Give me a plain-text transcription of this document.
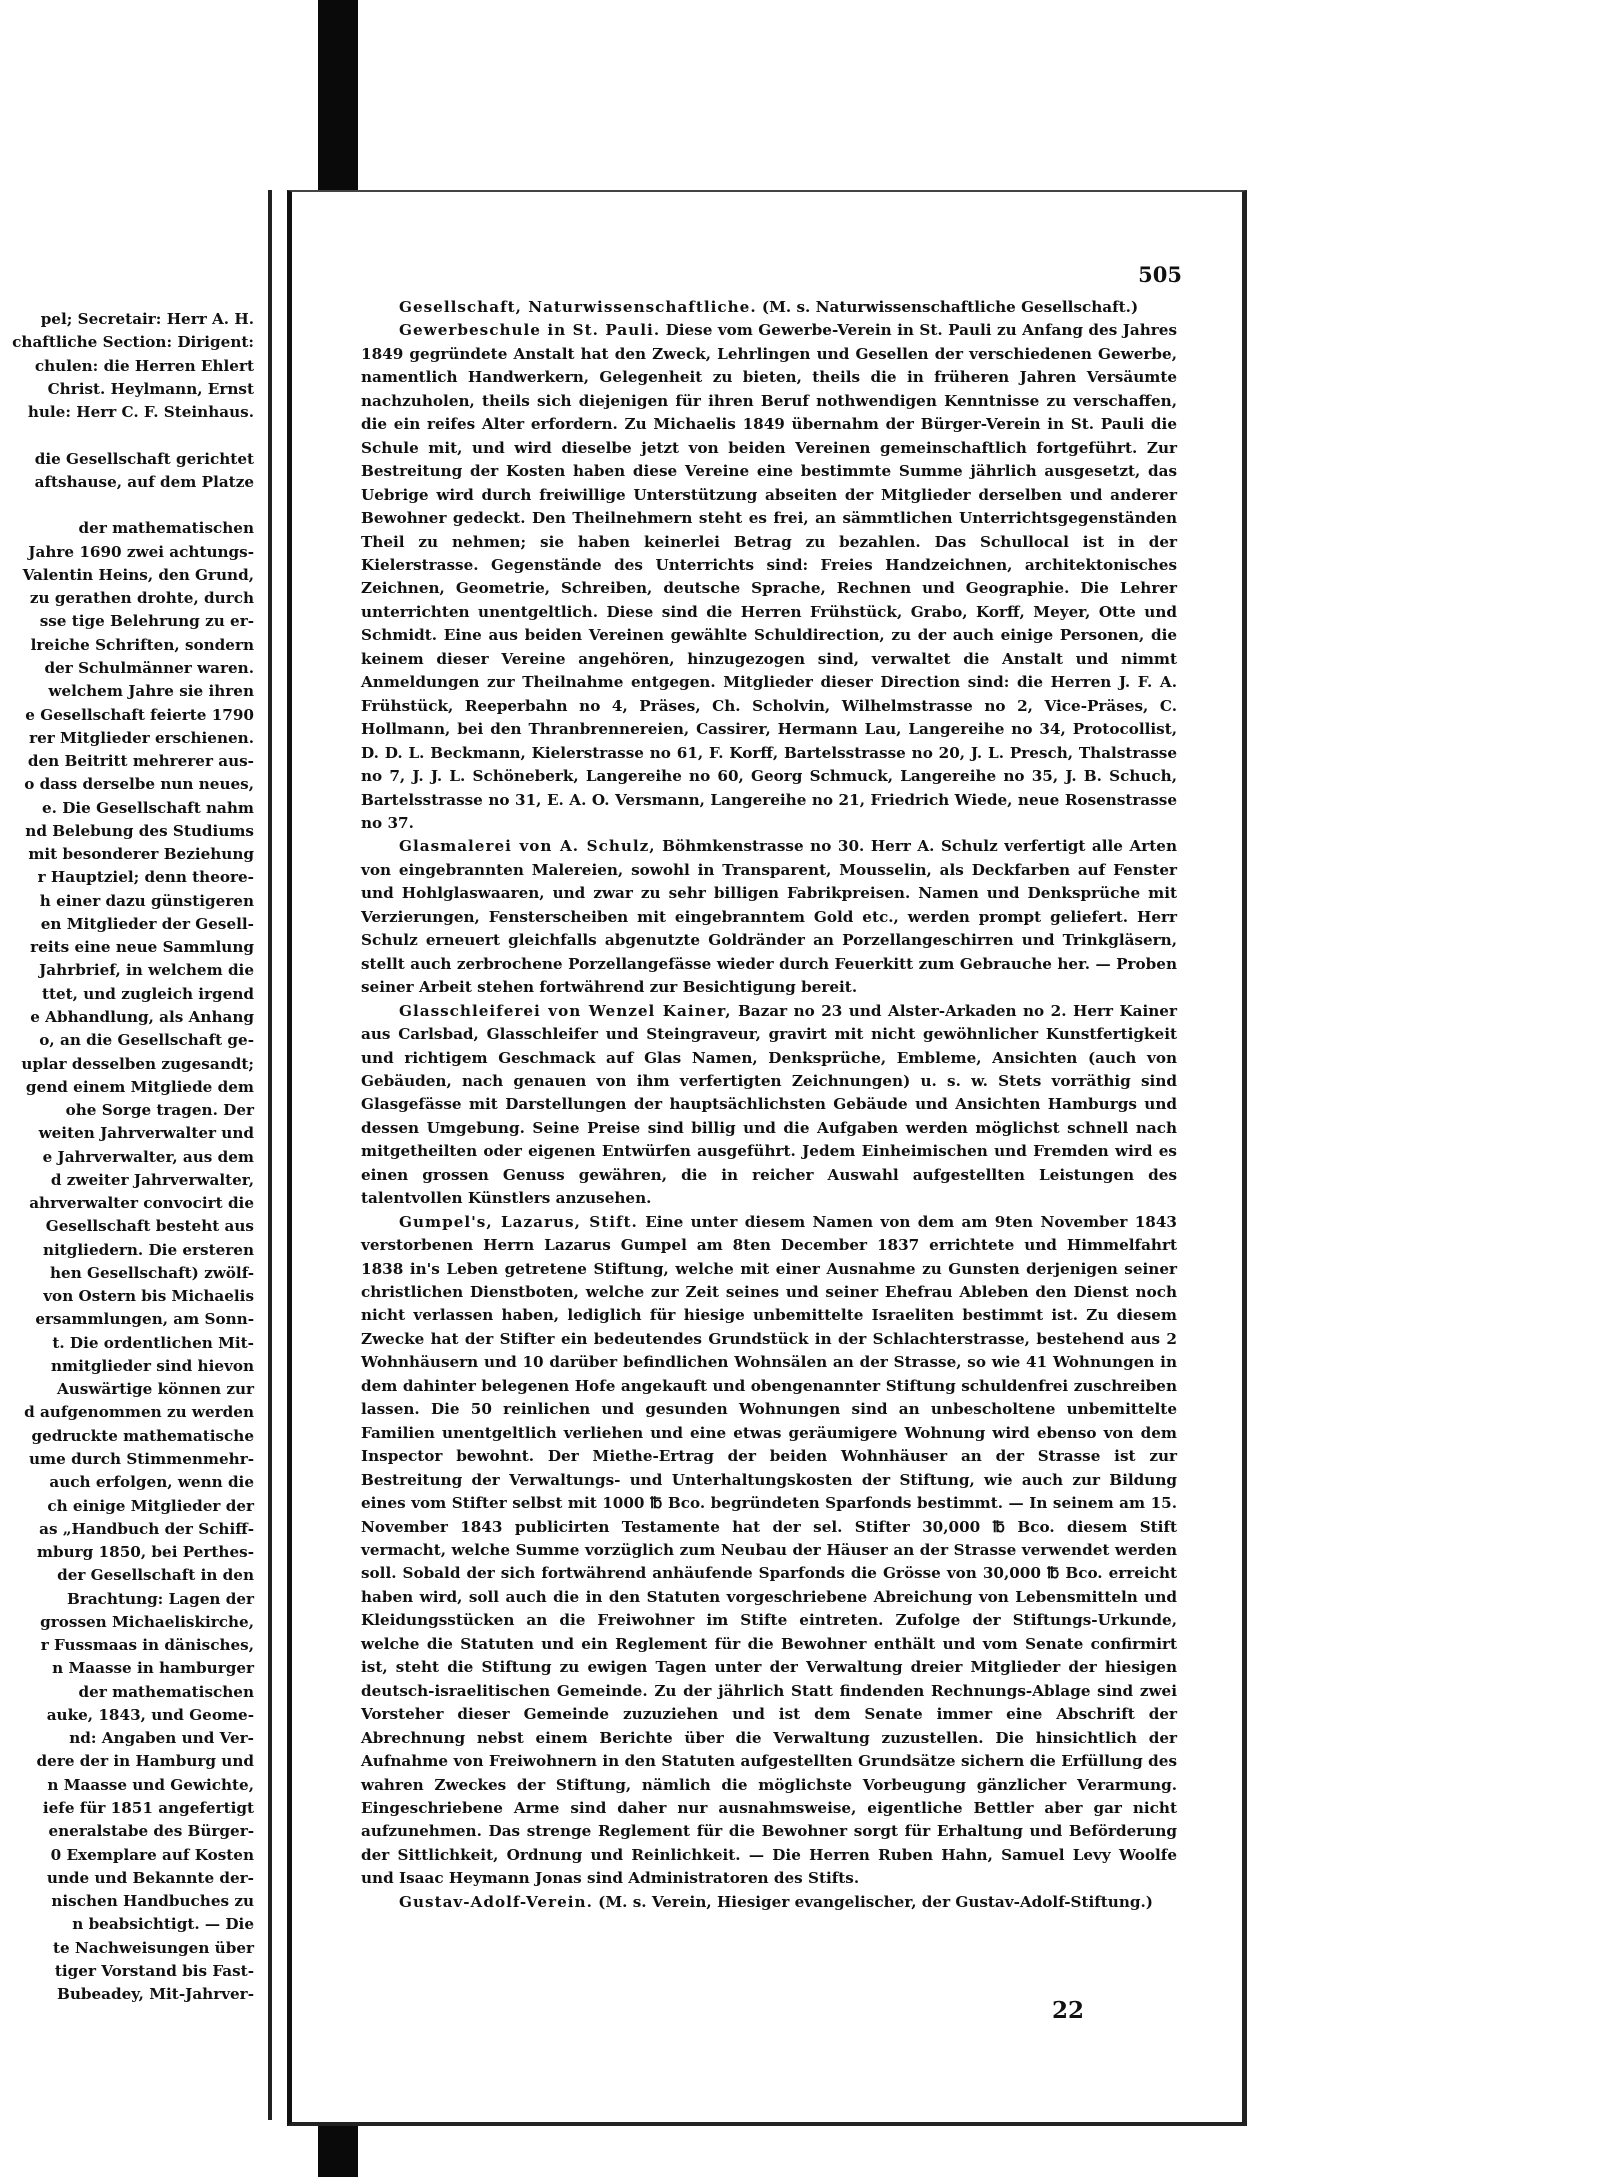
pel; Secretair: Herr A. H.
chaftliche Section: Dirigent:
chulen: die Herren Ehlert
Christ. Heylmann, Ernst
hule: Herr C. F. Steinhaus.
die Gesellschaft gerichtet
aftshause, auf dem Platze
der mathematischen
Jahre 1690 zwei achtungs-
Valentin Heins, den Grund,
zu gerathen drohte, durch
sse tige Belehrung zu er-
lreiche Schriften, sondern
der Schulmänner waren.
welchem Jahre sie ihren
e Gesellschaft feierte 1790
rer Mitglieder erschienen.
den Beitritt mehrerer aus-
o dass derselbe nun neues,
e. Die Gesellschaft nahm
nd Belebung des Studiums
mit besonderer Beziehung
r Hauptziel; denn theore-
h einer dazu günstigeren
en Mitglieder der Gesell-
reits eine neue Sammlung
Jahrbrief, in welchem die
ttet, und zugleich irgend
e Abhandlung, als Anhang
o, an die Gesellschaft ge-
uplar desselben zugesandt;
gend einem Mitgliede dem
ohe Sorge tragen. Der
weiten Jahrverwalter und
e Jahrverwalter, aus dem
d zweiter Jahrverwalter,
ahrverwalter convocirt die
Gesellschaft besteht aus
nitgliedern. Die ersteren
hen Gesellschaft) zwölf-
von Ostern bis Michaelis
ersammlungen, am Sonn-
t. Die ordentlichen Mit-
nmitglieder sind hievon
Auswärtige können zur
d aufgenommen zu werden
gedruckte mathematische
ume durch Stimmenmehr-
auch erfolgen, wenn die
ch einige Mitglieder der
as „Handbuch der Schiff-
mburg 1850, bei Perthes-
der Gesellschaft in den
Brachtung: Lagen der
grossen Michaeliskirche,
r Fussmaas in dänisches,
n Maasse in hamburger
der mathematischen
auke, 1843, und Geome-
nd: Angaben und Ver-
dere der in Hamburg und
n Maasse und Gewichte,
iefe für 1851 angefertigt
eneralstabe des Bürger-
0 Exemplare auf Kosten
unde und Bekannte der-
nischen Handbuches zu
n beabsichtigt. — Die
te Nachweisungen über
tiger Vorstand bis Fast-
Bubeadey, Mit-Jahrver-
505

Gesellschaft, Naturwissenschaftliche. (M. s. Naturwissenschaftliche Gesellschaft.)

Gewerbeschule in St. Pauli. Diese vom Gewerbe-Verein in St. Pauli zu Anfang des Jahres 1849 gegründete Anstalt hat den Zweck, Lehrlingen und Gesellen der verschiedenen Gewerbe, namentlich Handwerkern, Gelegenheit zu bieten, theils die in früheren Jahren Versäumte nachzuholen, theils sich diejenigen für ihren Beruf nothwendigen Kenntnisse zu verschaffen, die ein reifes Alter erfordern. Zu Michaelis 1849 übernahm der Bürger-Verein in St. Pauli die Schule mit, und wird dieselbe jetzt von beiden Vereinen gemeinschaftlich fortgeführt. Zur Bestreitung der Kosten haben diese Vereine eine bestimmte Summe jährlich ausgesetzt, das Uebrige wird durch freiwillige Unterstützung abseiten der Mitglieder derselben und anderer Bewohner gedeckt. Den Theilnehmern steht es frei, an sämmtlichen Unterrichtsgegenständen Theil zu nehmen; sie haben keinerlei Betrag zu bezahlen. Das Schullocal ist in der Kielerstrasse. Gegenstände des Unterrichts sind: Freies Handzeichnen, architektonisches Zeichnen, Geometrie, Schreiben, deutsche Sprache, Rechnen und Geographie. Die Lehrer unterrichten unentgeltlich. Diese sind die Herren Frühstück, Grabo, Korff, Meyer, Otte und Schmidt. Eine aus beiden Vereinen gewählte Schuldirection, zu der auch einige Personen, die keinem dieser Vereine angehören, hinzugezogen sind, verwaltet die Anstalt und nimmt Anmeldungen zur Theilnahme entgegen. Mitglieder dieser Direction sind: die Herren J. F. A. Frühstück, Reeperbahn no 4, Präses, Ch. Scholvin, Wilhelmstrasse no 2, Vice-Präses, C. Hollmann, bei den Thranbrennereien, Cassirer, Hermann Lau, Langereihe no 34, Protocollist, D. D. L. Beckmann, Kielerstrasse no 61, F. Korff, Bartelsstrasse no 20, J. L. Presch, Thalstrasse no 7, J. J. L. Schöneberk, Langereihe no 60, Georg Schmuck, Langereihe no 35, J. B. Schuch, Bartelsstrasse no 31, E. A. O. Versmann, Langereihe no 21, Friedrich Wiede, neue Rosenstrasse no 37.

Glasmalerei von A. Schulz, Böhmkenstrasse no 30. Herr A. Schulz verfertigt alle Arten von eingebrannten Malereien, sowohl in Transparent, Mousselin, als Deckfarben auf Fenster und Hohlglaswaaren, und zwar zu sehr billigen Fabrikpreisen. Namen und Denksprüche mit Verzierungen, Fensterscheiben mit eingebranntem Gold etc., werden prompt geliefert. Herr Schulz erneuert gleichfalls abgenutzte Goldränder an Porzellangeschirren und Trinkgläsern, stellt auch zerbrochene Porzellangefässe wieder durch Feuerkitt zum Gebrauche her. — Proben seiner Arbeit stehen fortwährend zur Besichtigung bereit.

Glasschleiferei von Wenzel Kainer, Bazar no 23 und Alster-Arkaden no 2. Herr Kainer aus Carlsbad, Glasschleifer und Steingraveur, gravirt mit nicht gewöhnlicher Kunstfertigkeit und richtigem Geschmack auf Glas Namen, Denksprüche, Embleme, Ansichten (auch von Gebäuden, nach genauen von ihm verfertigten Zeichnungen) u. s. w. Stets vorräthig sind Glasgefässe mit Darstellungen der hauptsächlichsten Gebäude und Ansichten Hamburgs und dessen Umgebung. Seine Preise sind billig und die Aufgaben werden möglichst schnell nach mitgetheilten oder eigenen Entwürfen ausgeführt. Jedem Einheimischen und Fremden wird es einen grossen Genuss gewähren, die in reicher Auswahl aufgestellten Leistungen des talentvollen Künstlers anzusehen.

Gumpel's, Lazarus, Stift. Eine unter diesem Namen von dem am 9ten November 1843 verstorbenen Herrn Lazarus Gumpel am 8ten December 1837 errichtete und Himmelfahrt 1838 in's Leben getretene Stiftung, welche mit einer Ausnahme zu Gunsten derjenigen seiner christlichen Dienstboten, welche zur Zeit seines und seiner Ehefrau Ableben den Dienst noch nicht verlassen haben, lediglich für hiesige unbemittelte Israeliten bestimmt ist. Zu diesem Zwecke hat der Stifter ein bedeutendes Grundstück in der Schlachterstrasse, bestehend aus 2 Wohnhäusern und 10 darüber befindlichen Wohnsälen an der Strasse, so wie 41 Wohnungen in dem dahinter belegenen Hofe angekauft und obengenannter Stiftung schuldenfrei zuschreiben lassen. Die 50 reinlichen und gesunden Wohnungen sind an unbescholtene unbemittelte Familien unentgeltlich verliehen und eine etwas geräumigere Wohnung wird ebenso von dem Inspector bewohnt. Der Miethe-Ertrag der beiden Wohnhäuser an der Strasse ist zur Bestreitung der Verwaltungs- und Unterhaltungskosten der Stiftung, wie auch zur Bildung eines vom Stifter selbst mit 1000 ℔ Bco. begründeten Sparfonds bestimmt. — In seinem am 15. November 1843 publicirten Testamente hat der sel. Stifter 30,000 ℔ Bco. diesem Stift vermacht, welche Summe vorzüglich zum Neubau der Häuser an der Strasse verwendet werden soll. Sobald der sich fortwährend anhäufende Sparfonds die Grösse von 30,000 ℔ Bco. erreicht haben wird, soll auch die in den Statuten vorgeschriebene Abreichung von Lebensmitteln und Kleidungsstücken an die Freiwohner im Stifte eintreten. Zufolge der Stiftungs-Urkunde, welche die Statuten und ein Reglement für die Bewohner enthält und vom Senate confirmirt ist, steht die Stiftung zu ewigen Tagen unter der Verwaltung dreier Mitglieder der hiesigen deutsch-israelitischen Gemeinde. Zu der jährlich Statt findenden Rechnungs-Ablage sind zwei Vorsteher dieser Gemeinde zuzuziehen und ist dem Senate immer eine Abschrift der Abrechnung nebst einem Berichte über die Verwaltung zuzustellen. Die hinsichtlich der Aufnahme von Freiwohnern in den Statuten aufgestellten Grundsätze sichern die Erfüllung des wahren Zweckes der Stiftung, nämlich die möglichste Vorbeugung gänzlicher Verarmung. Eingeschriebene Arme sind daher nur ausnahmsweise, eigentliche Bettler aber gar nicht aufzunehmen. Das strenge Reglement für die Bewohner sorgt für Erhaltung und Beförderung der Sittlichkeit, Ordnung und Reinlichkeit. — Die Herren Ruben Hahn, Samuel Levy Woolfe und Isaac Heymann Jonas sind Administratoren des Stifts.

Gustav-Adolf-Verein. (M. s. Verein, Hiesiger evangelischer, der Gustav-Adolf-Stiftung.)

22
